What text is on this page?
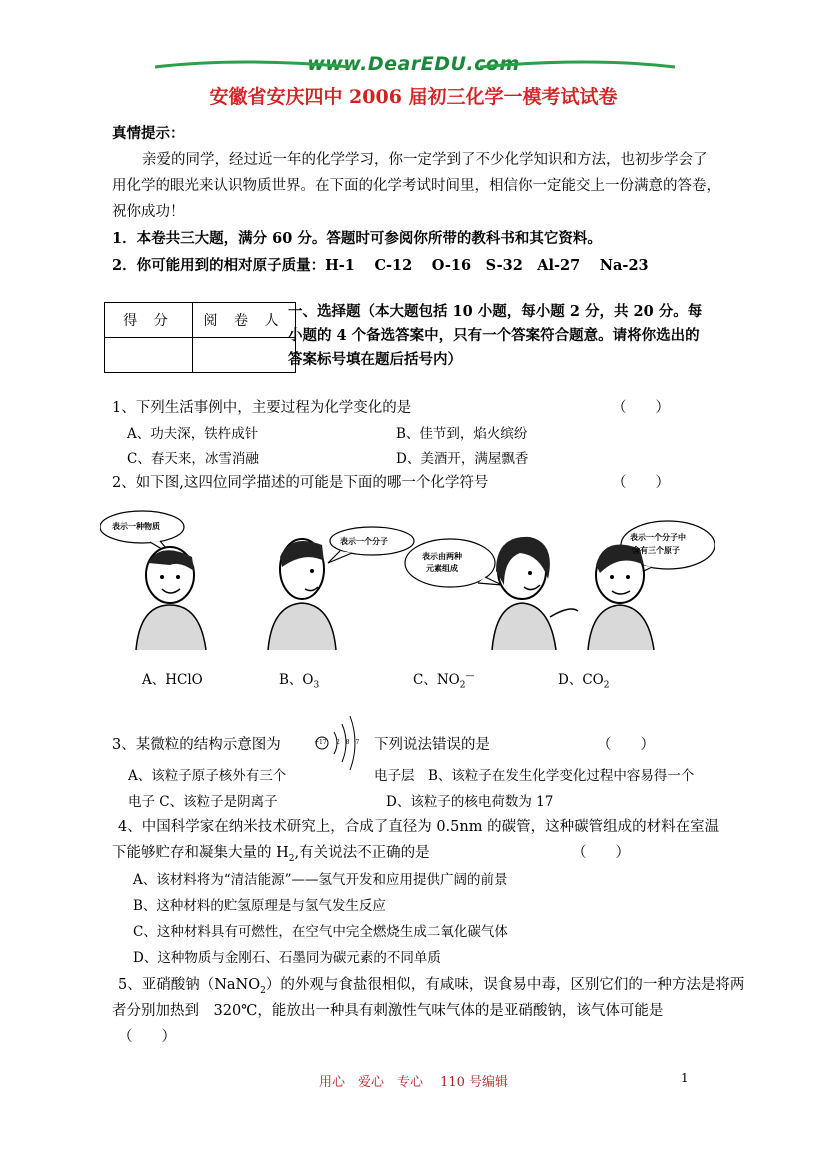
www.DearEDU.com
安徽省安庆四中 2006 届初三化学一模考试试卷
真情提示：
亲爱的同学，经过近一年的化学学习，你一定学到了不少化学知识和方法，也初步学会了
用化学的眼光来认识物质世界。在下面的化学考试时间里，相信你一定能交上一份满意的答卷，
祝你成功！
1．本卷共三大题，满分 60 分。答题时可参阅你所带的教科书和其它资料。
2．你可能用到的相对原子质量：H-1　 C-12　 O-16　S-32　Al-27　 Na-23
得 分	阅 卷 人

一、选择题（本大题包括 10 小题，每小题 2 分，共 20 分。每小题的 4 个备选答案中，只有一个答案符合题意。请将你选出的答案标号填在题后括号内）
1、下列生活事例中，主要过程为化学变化的是	（　　）
A、功夫深，铁杵成针	B、佳节到，焰火缤纷
C、春天来，冰雪消融	D、美酒开，满屋飘香
2、如下图,这四位同学描述的可能是下面的哪一个化学符号	（　　）
表示一种物质
表示一个分子
表示由两种
元素组成
表示一个分子中
含有三个原子
A、HClO	B、$O_3$	C、$NO_2^—$	D、$CO_2$
3、某微粒的结构示意图为	+17 2 8 7 下列说法错误的是	（　　）
A、该粒子原子核外有三个	电子层　B、该粒子在发生化学变化过程中容易得一个
电子 C、该粒子是阴离子	D、该粒子的核电荷数为 17
4、中国科学家在纳米技术研究上，合成了直径为 0.5nm 的碳管，这种碳管组成的材料在室温
下能够贮存和凝集大量的 $H_2$,有关说法不正确的是	（　　）
A、该材料将为“清洁能源”——氢气开发和应用提供广阔的前景
B、这种材料的贮氢原理是与氢气发生反应
C、这种材料具有可燃性，在空气中完全燃烧生成二氧化碳气体
D、这种物质与金刚石、石墨同为碳元素的不同单质
5、亚硝酸钠（NaNO$_2$）的外观与食盐很相似，有咸味，误食易中毒，区别它们的一种方法是将两
者分别加热到　320℃，能放出一种具有刺激性气味气体的是亚硝酸钠，该气体可能是
（　　）
用心　爱心　专心　 110 号编辑	1
